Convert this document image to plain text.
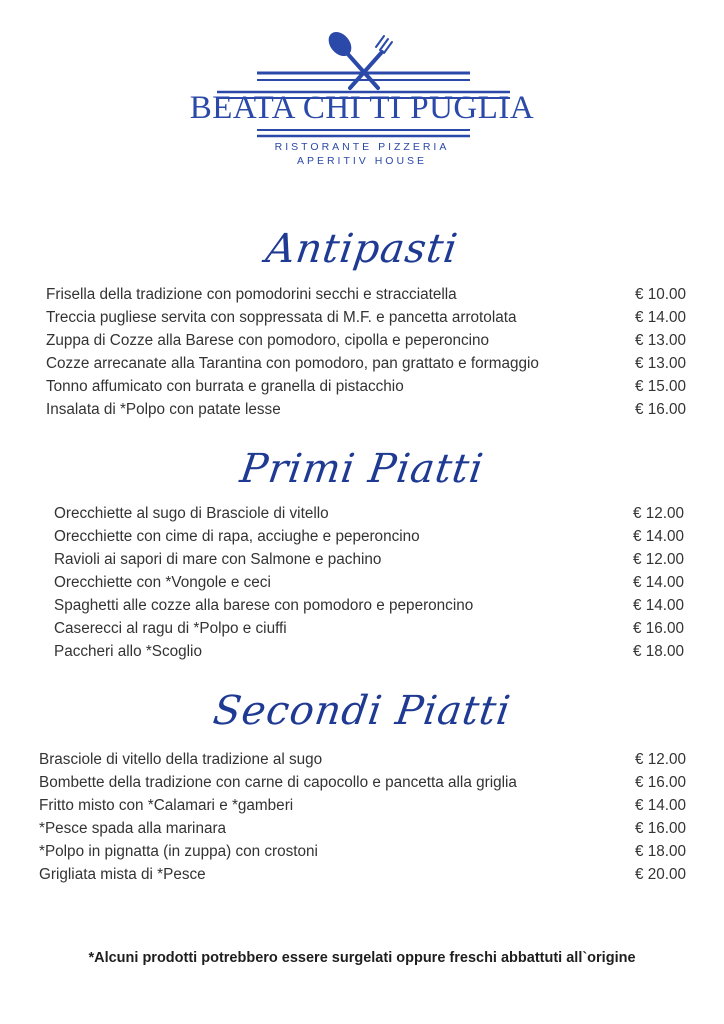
BEATA CHI TI PUGLIA
RISTORANTE PIZZERIA
APERITIV HOUSE
Antipasti
Frisella della tradizione con pomodorini secchi e stracciatella	€ 10.00
Treccia pugliese servita con soppressata di M.F. e pancetta arrotolata	€ 14.00
Zuppa di Cozze alla Barese con pomodoro, cipolla e peperoncino	€ 13.00
Cozze arrecanate alla Tarantina con pomodoro, pan grattato e formaggio	€ 13.00
Tonno affumicato con burrata e granella di pistacchio	€ 15.00
Insalata di *Polpo con patate lesse	€ 16.00
Primi Piatti
Orecchiette al sugo di Brasciole di vitello	€ 12.00
Orecchiette con cime di rapa, acciughe e peperoncino	€ 14.00
Ravioli ai sapori di mare con Salmone e pachino	€ 12.00
Orecchiette con *Vongole e ceci	€ 14.00
Spaghetti alle cozze alla barese con pomodoro e peperoncino	€ 14.00
Caserecci al ragu di *Polpo e ciuffi	€ 16.00
Paccheri allo *Scoglio	€ 18.00
Secondi Piatti
Brasciole di vitello della tradizione al sugo	€ 12.00
Bombette della tradizione con carne di capocollo e pancetta alla griglia	€ 16.00
Fritto misto con *Calamari e *gamberi	€ 14.00
*Pesce spada alla marinara	€ 16.00
*Polpo in pignatta (in zuppa) con crostoni	€ 18.00
Grigliata mista di *Pesce	€ 20.00
*Alcuni prodotti potrebbero essere surgelati oppure freschi abbattuti all`origine
